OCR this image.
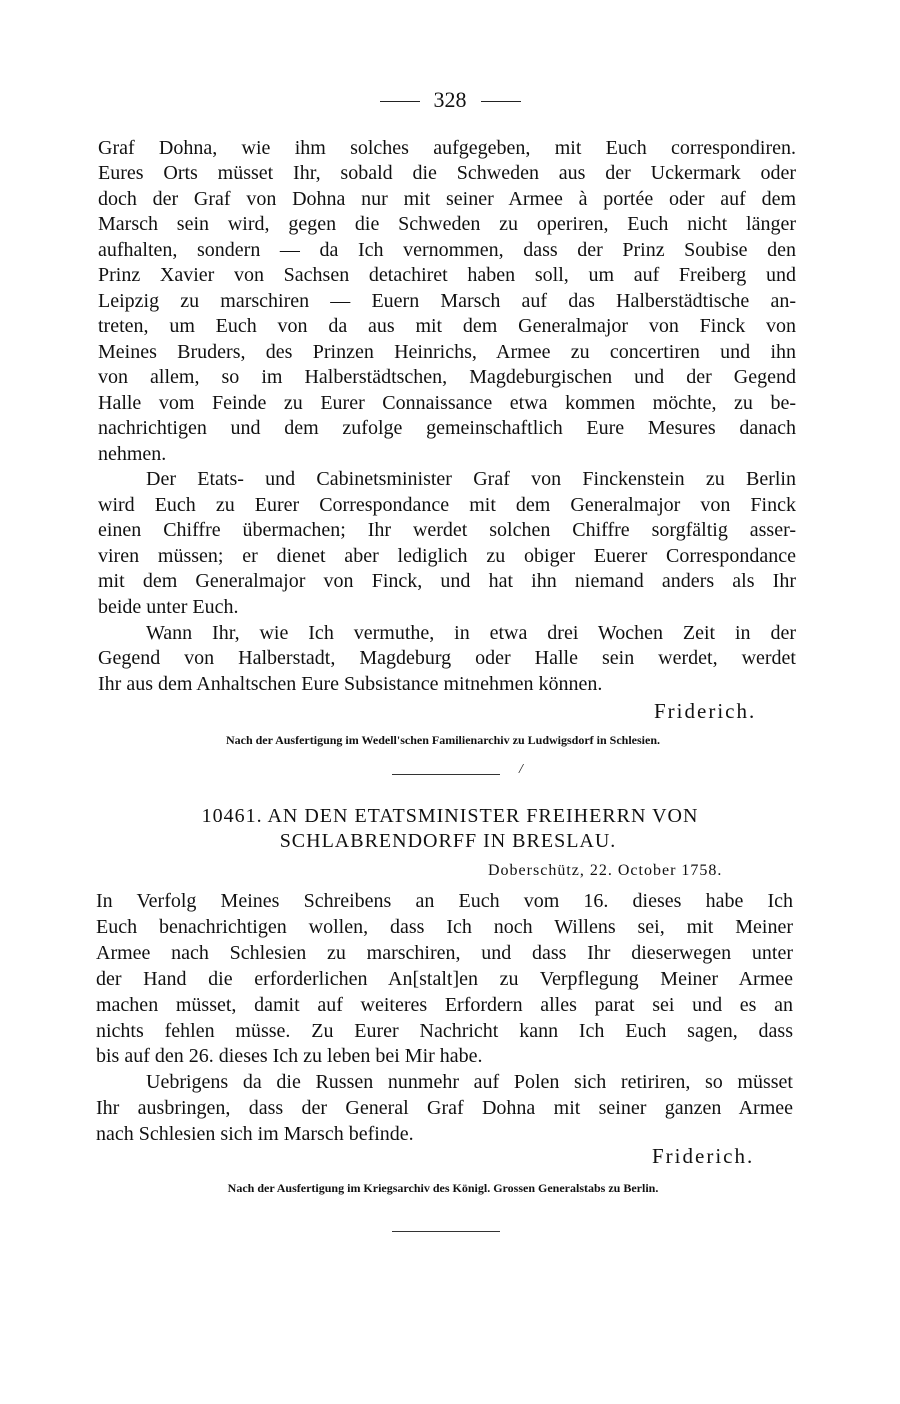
328
Graf Dohna, wie ihm solches aufgegeben, mit Euch correspondiren.
Eures Orts müsset Ihr, sobald die Schweden aus der Uckermark oder
doch der Graf von Dohna nur mit seiner Armee à portée oder auf dem
Marsch sein wird, gegen die Schweden zu operiren, Euch nicht länger
aufhalten, sondern — da Ich vernommen, dass der Prinz Soubise den
Prinz Xavier von Sachsen detachiret haben soll, um auf Freiberg und
Leipzig zu marschiren — Euern Marsch auf das Halberstädtische an-
treten, um Euch von da aus mit dem Generalmajor von Finck von
Meines Bruders, des Prinzen Heinrichs, Armee zu concertiren und ihn
von allem, so im Halberstädtschen, Magdeburgischen und der Gegend
Halle vom Feinde zu Eurer Connaissance etwa kommen möchte, zu be-
nachrichtigen und dem zufolge gemeinschaftlich Eure Mesures danach
nehmen.
Der Etats- und Cabinetsminister Graf von Finckenstein zu Berlin
wird Euch zu Eurer Correspondance mit dem Generalmajor von Finck
einen Chiffre übermachen; Ihr werdet solchen Chiffre sorgfältig asser-
viren müssen; er dienet aber lediglich zu obiger Euerer Correspondance
mit dem Generalmajor von Finck, und hat ihn niemand anders als Ihr
beide unter Euch.
Wann Ihr, wie Ich vermuthe, in etwa drei Wochen Zeit in der
Gegend von Halberstadt, Magdeburg oder Halle sein werdet, werdet
Ihr aus dem Anhaltschen Eure Subsistance mitnehmen können.
Friderich.
Nach der Ausfertigung im Wedell'schen Familienarchiv zu Ludwigsdorf in Schlesien.
/
10461. AN DEN ETATSMINISTER FREIHERRN VON
SCHLABRENDORFF IN BRESLAU.
Doberschütz, 22. October 1758.
In Verfolg Meines Schreibens an Euch vom 16. dieses habe Ich
Euch benachrichtigen wollen, dass Ich noch Willens sei, mit Meiner
Armee nach Schlesien zu marschiren, und dass Ihr dieserwegen unter
der Hand die erforderlichen An[stalt]en zu Verpflegung Meiner Armee
machen müsset, damit auf weiteres Erfordern alles parat sei und es an
nichts fehlen müsse. Zu Eurer Nachricht kann Ich Euch sagen, dass
bis auf den 26. dieses Ich zu leben bei Mir habe.
Uebrigens da die Russen nunmehr auf Polen sich retiriren, so müsset
Ihr ausbringen, dass der General Graf Dohna mit seiner ganzen Armee
nach Schlesien sich im Marsch befinde.
Friderich.
Nach der Ausfertigung im Kriegsarchiv des Königl. Grossen Generalstabs zu Berlin.
